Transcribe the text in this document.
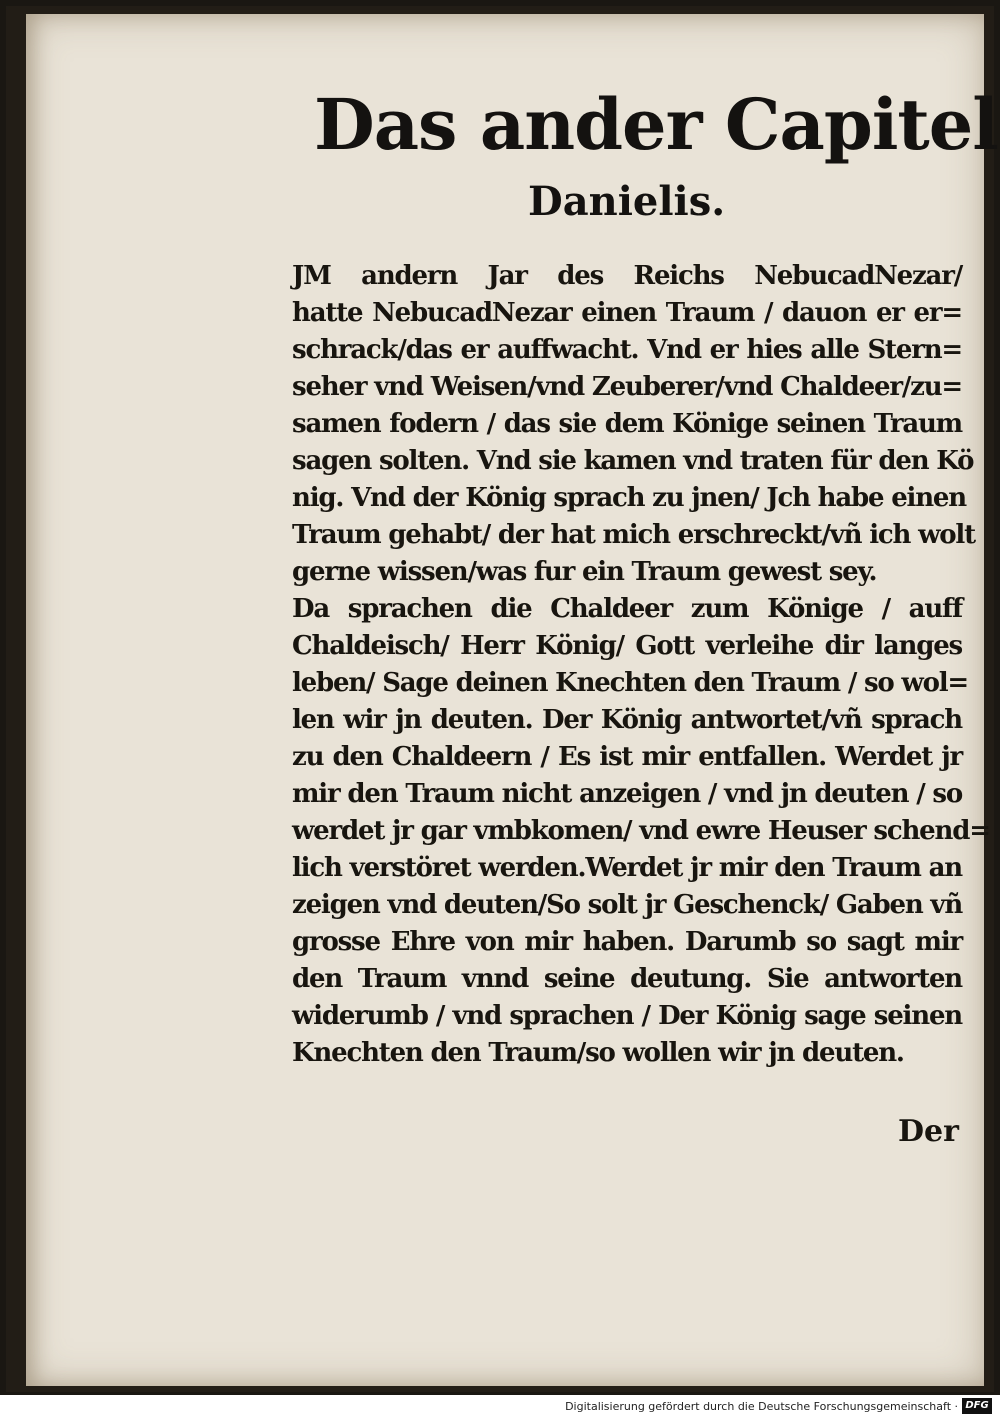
Das ander Capitel
Danielis.
JM andern Jar des Reichs NebucadNezar/
hatte NebucadNezar einen Traum / dauon er er=
schrack/das er auffwacht. Vnd er hies alle Stern=
seher vnd Weisen/vnd Zeuberer/vnd Chaldeer/zu=
samen fodern / das sie dem Könige seinen Traum
sagen solten. Vnd sie kamen vnd traten für den Kö
nig. Vnd der König sprach zu jnen/ Jch habe einen
Traum gehabt/ der hat mich erschreckt/vñ ich wolt
gerne wissen/was fur ein Traum gewest sey.
Da sprachen die Chaldeer zum Könige / auff
Chaldeisch/ Herr König/ Gott verleihe dir langes
leben/ Sage deinen Knechten den Traum / so wol=
len wir jn deuten. Der König antwortet/vñ sprach
zu den Chaldeern / Es ist mir entfallen. Werdet jr
mir den Traum nicht anzeigen / vnd jn deuten / so
werdet jr gar vmbkomen/ vnd ewre Heuser schend=
lich verstöret werden.Werdet jr mir den Traum an
zeigen vnd deuten/So solt jr Geschenck/ Gaben vñ
grosse Ehre von mir haben. Darumb so sagt mir
den Traum vnnd seine deutung. Sie antworten
widerumb / vnd sprachen / Der König sage seinen
Knechten den Traum/so wollen wir jn deuten.
Der
Digitalisierung gefördert durch die Deutsche Forschungsgemeinschaft · DFG
